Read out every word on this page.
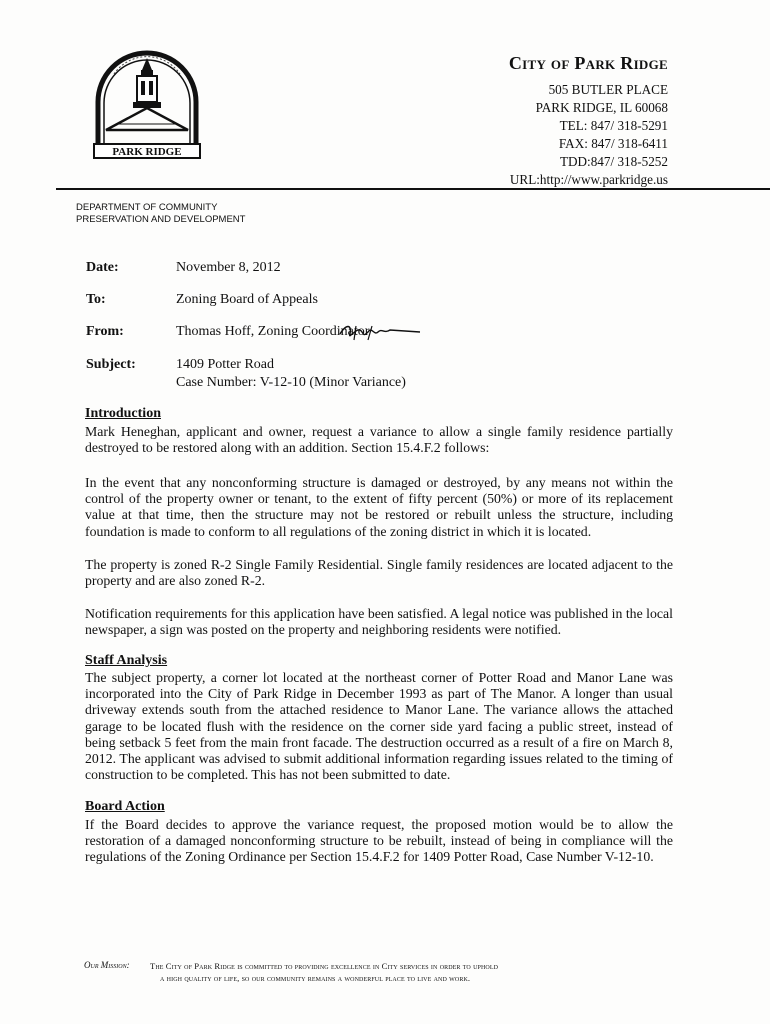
PARK RIDGE
City of Park Ridge
505 BUTLER PLACE
PARK RIDGE, IL 60068
TEL: 847/ 318-5291
FAX: 847/ 318-6411
TDD:847/ 318-5252
URL:http://www.parkridge.us
DEPARTMENT OF COMMUNITY
PRESERVATION AND DEVELOPMENT
Date:	November 8, 2012
To:	Zoning Board of Appeals
From:	Thomas Hoff, Zoning Coordinator
Subject:	1409 Potter Road
Case Number: V-12-10 (Minor Variance)
Introduction
Mark Heneghan, applicant and owner, request a variance to allow a single family residence partially destroyed to be restored along with an addition. Section 15.4.F.2 follows:
In the event that any nonconforming structure is damaged or destroyed, by any means not within the control of the property owner or tenant, to the extent of fifty percent (50%) or more of its replacement value at that time, then the structure may not be restored or rebuilt unless the structure, including foundation is made to conform to all regulations of the zoning district in which it is located.
The property is zoned R-2 Single Family Residential. Single family residences are located adjacent to the property and are also zoned R-2.
Notification requirements for this application have been satisfied. A legal notice was published in the local newspaper, a sign was posted on the property and neighboring residents were notified.
Staff Analysis
The subject property, a corner lot located at the northeast corner of Potter Road and Manor Lane was incorporated into the City of Park Ridge in December 1993 as part of The Manor. A longer than usual driveway extends south from the attached residence to Manor Lane. The variance allows the attached garage to be located flush with the residence on the corner side yard facing a public street, instead of being setback 5 feet from the main front facade. The destruction occurred as a result of a fire on March 8, 2012. The applicant was advised to submit additional information regarding issues related to the timing of construction to be completed. This has not been submitted to date.
Board Action
If the Board decides to approve the variance request, the proposed motion would be to allow the restoration of a damaged nonconforming structure to be rebuilt, instead of being in compliance will the regulations of the Zoning Ordinance per Section 15.4.F.2 for 1409 Potter Road, Case Number V-12-10.
Our Mission: The City of Park Ridge is committed to providing excellence in City services in order to uphold
a high quality of life, so our community remains a wonderful place to live and work.
